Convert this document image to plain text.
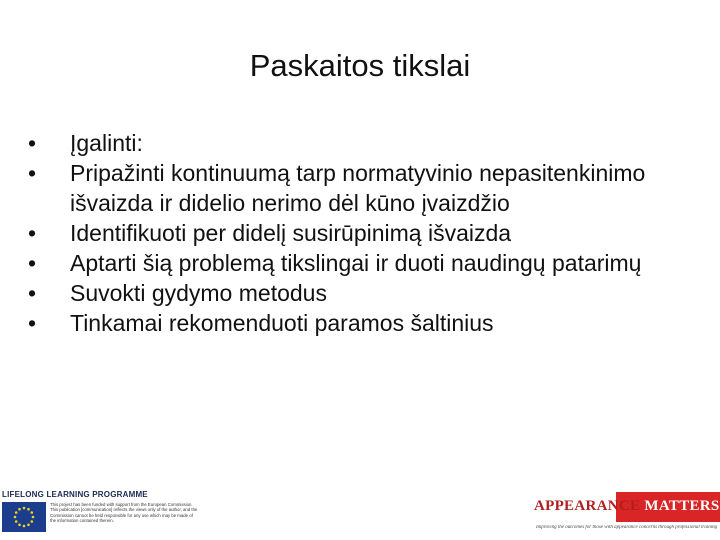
Paskaitos tikslai
•
Įgalinti:
•
Pripažinti kontinuumą tarp normatyvinio nepasitenkinimo išvaizda ir didelio nerimo dėl kūno įvaizdžio
•
Identifikuoti per didelį susirūpinimą išvaizda
•
Aptarti šią problemą tikslingai ir duoti naudingų patarimų
•
Suvokti gydymo metodus
•
Tinkamai rekomenduoti paramos šaltinius
LIFELONG LEARNING PROGRAMME
This project has been funded with support from the European Commission. This publication [communication] reflects the views only of the author, and the Commission cannot be held responsible for any use which may be made of the information contained therein.
APPEARANCE MATTERS
Improving the outcomes for those with appearance concerns through professional training
